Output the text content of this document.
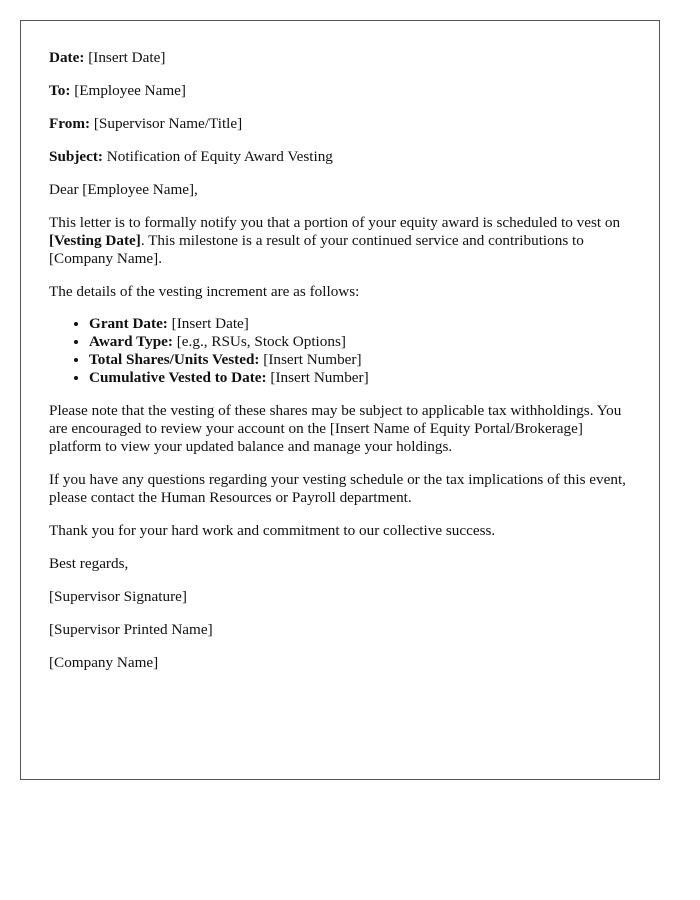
Date: [Insert Date]

To: [Employee Name]

From: [Supervisor Name/Title]

Subject: Notification of Equity Award Vesting

Dear [Employee Name],

This letter is to formally notify you that a portion of your equity award is scheduled to vest on [Vesting Date]. This milestone is a result of your continued service and contributions to [Company Name].

The details of the vesting increment are as follows:

• Grant Date: [Insert Date]
• Award Type: [e.g., RSUs, Stock Options]
• Total Shares/Units Vested: [Insert Number]
• Cumulative Vested to Date: [Insert Number]

Please note that the vesting of these shares may be subject to applicable tax withholdings. You are encouraged to review your account on the [Insert Name of Equity Portal/Brokerage] platform to view your updated balance and manage your holdings.

If you have any questions regarding your vesting schedule or the tax implications of this event, please contact the Human Resources or Payroll department.

Thank you for your hard work and commitment to our collective success.

Best regards,

[Supervisor Signature]

[Supervisor Printed Name]

[Company Name]
